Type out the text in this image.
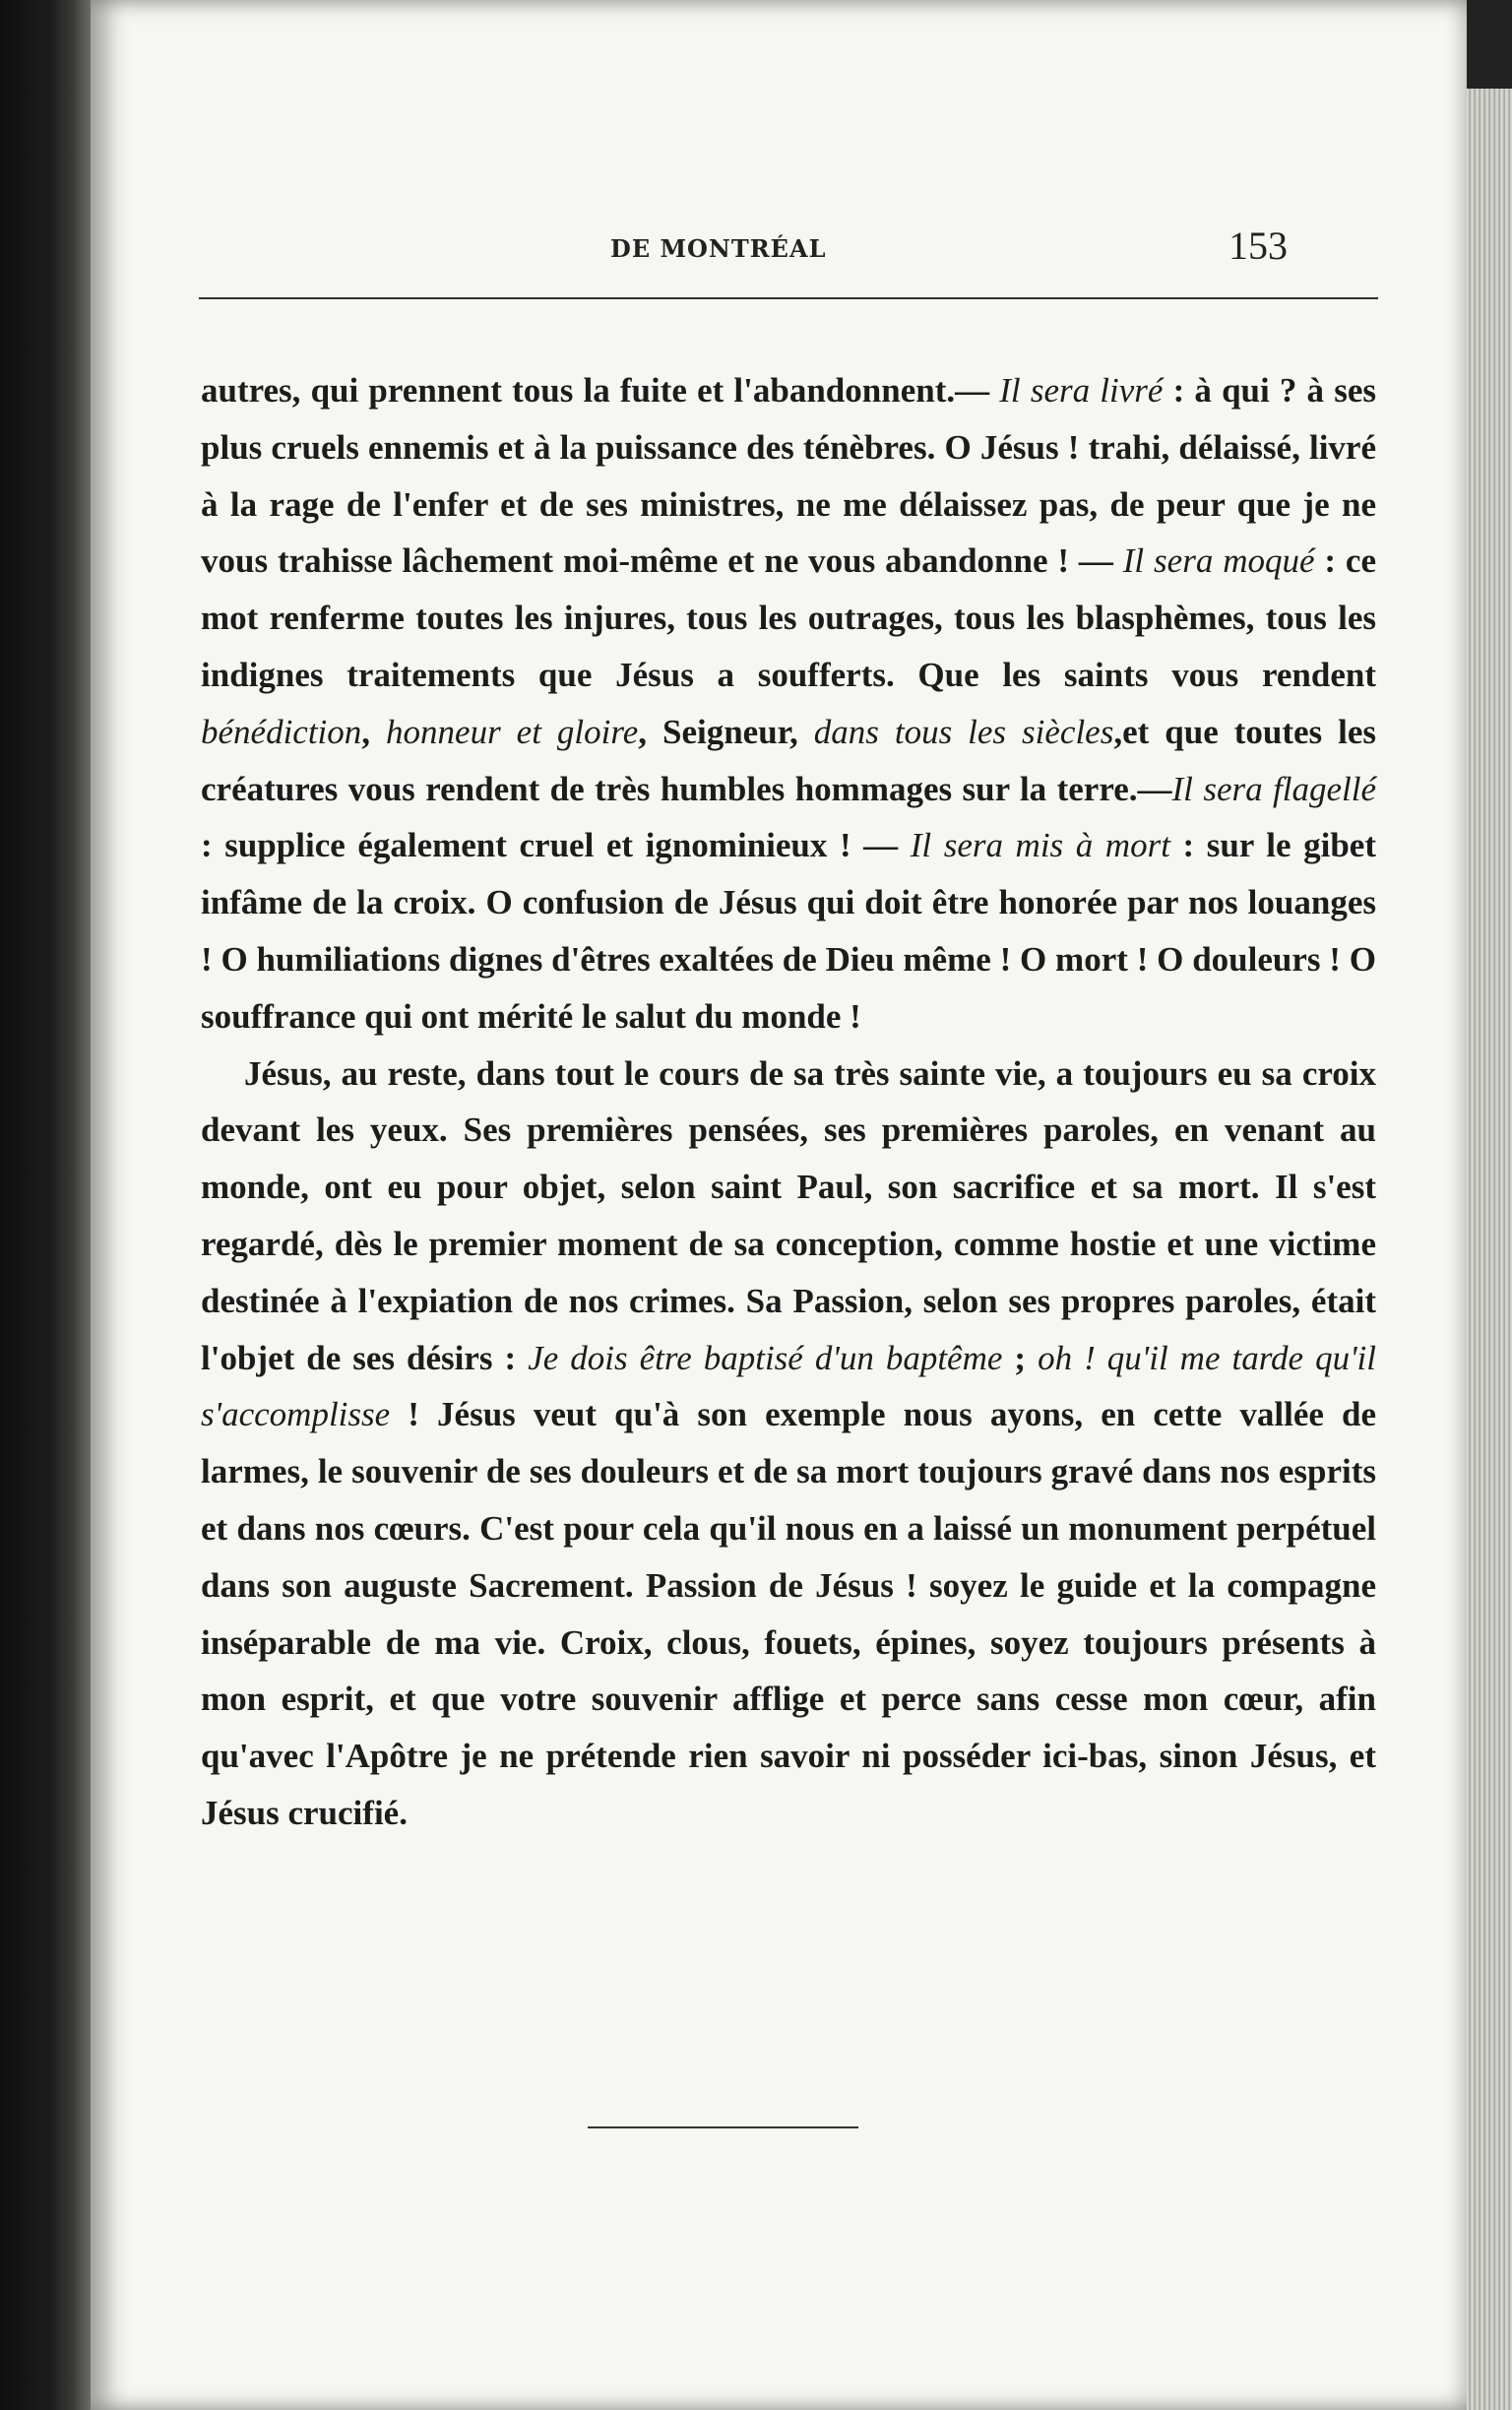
DE MONTRÉAL	153

autres, qui prennent tous la fuite et l'abandonnent.— Il sera livré : à qui ? à ses plus cruels ennemis et à la puissance des ténèbres. O Jésus ! trahi, délaissé, livré à la rage de l'enfer et de ses ministres, ne me délaissez pas, de peur que je ne vous trahisse lâchement moi-même et ne vous abandonne ! — Il sera moqué : ce mot renferme toutes les injures, tous les outrages, tous les blasphèmes, tous les indignes traitements que Jésus a soufferts. Que les saints vous rendent bénédiction, honneur et gloire, Seigneur, dans tous les siècles,et que toutes les créatures vous rendent de très humbles hommages sur la terre.—Il sera flagellé : supplice également cruel et ignominieux ! — Il sera mis à mort : sur le gibet infâme de la croix. O confusion de Jésus qui doit être honorée par nos louanges ! O humiliations dignes d'êtres exaltées de Dieu même ! O mort ! O douleurs ! O souffrance qui ont mérité le salut du monde !

Jésus, au reste, dans tout le cours de sa très sainte vie, a toujours eu sa croix devant les yeux. Ses premières pensées, ses premières paroles, en venant au monde, ont eu pour objet, selon saint Paul, son sacrifice et sa mort. Il s'est regardé, dès le premier moment de sa conception, comme hostie et une victime destinée à l'expiation de nos crimes. Sa Passion, selon ses propres paroles, était l'objet de ses désirs : Je dois être baptisé d'un baptême ; oh ! qu'il me tarde qu'il s'accomplisse ! Jésus veut qu'à son exemple nous ayons, en cette vallée de larmes, le souvenir de ses douleurs et de sa mort toujours gravé dans nos esprits et dans nos cœurs. C'est pour cela qu'il nous en a laissé un monument perpétuel dans son auguste Sacrement. Passion de Jésus ! soyez le guide et la compagne inséparable de ma vie. Croix, clous, fouets, épines, soyez toujours présents à mon esprit, et que votre souvenir afflige et perce sans cesse mon cœur, afin qu'avec l'Apôtre je ne prétende rien savoir ni posséder ici-bas, sinon Jésus, et Jésus crucifié.
